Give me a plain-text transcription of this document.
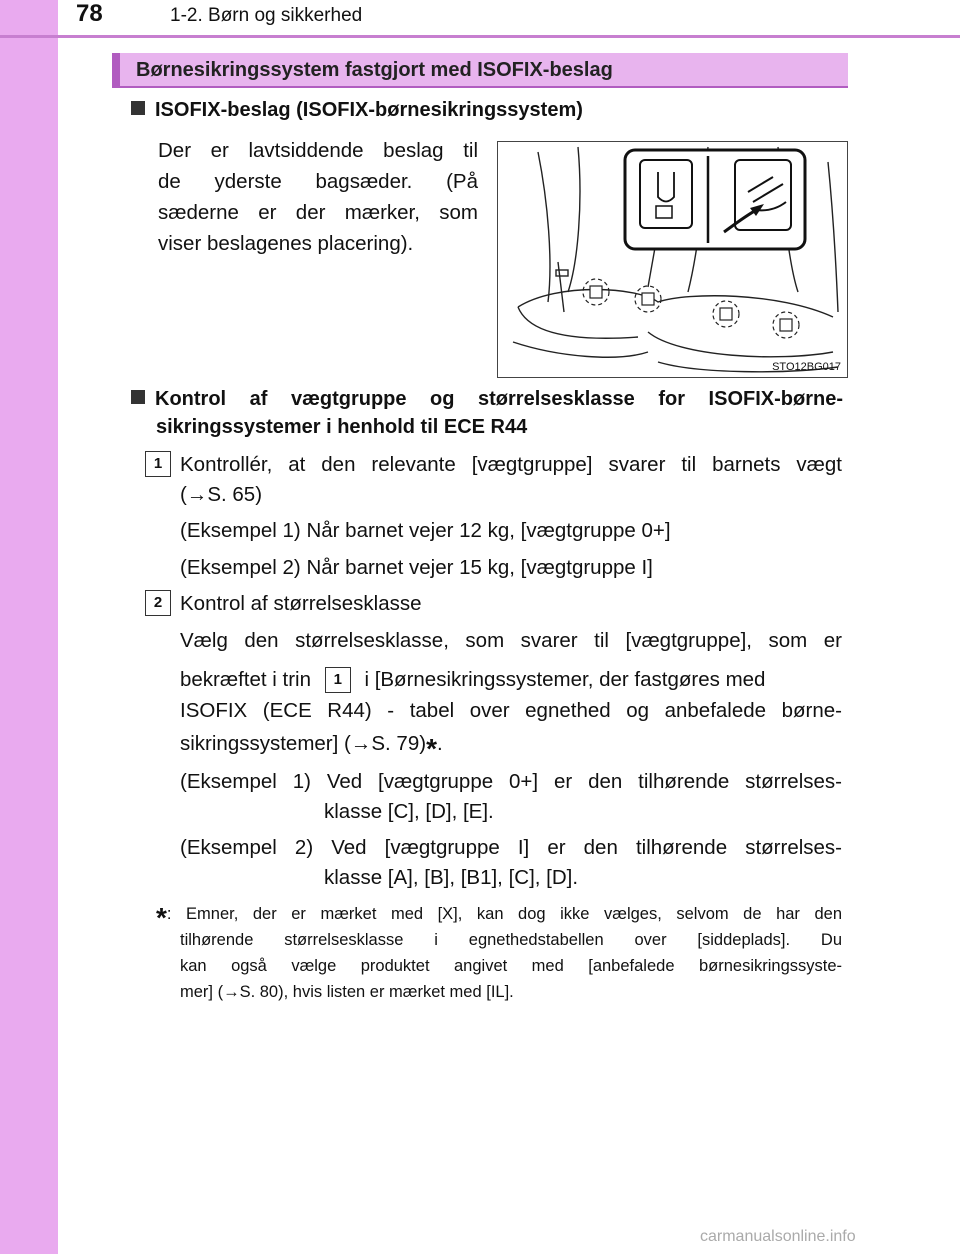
78	1-2. Børn og sikkerhed
Børnesikringssystem fastgjort med ISOFIX-beslag
ISOFIX-beslag (ISOFIX-børnesikringssystem)
Der er lavtsiddende beslag til
de yderste bagsæder. (På
sæderne er der mærker, som
viser beslagenes placering).
STO12BG017
Kontrol af vægtgruppe og størrelsesklasse for ISOFIX-børne-
sikringssystemer i henhold til ECE R44
1 Kontrollér, at den relevante [vægtgruppe] svarer til barnets vægt
(→S. 65)
(Eksempel 1) Når barnet vejer 12 kg, [vægtgruppe 0+]
(Eksempel 2) Når barnet vejer 15 kg, [vægtgruppe I]
2 Kontrol af størrelsesklasse
Vælg den størrelsesklasse, som svarer til [vægtgruppe], som er
bekræftet i trin 1 i [Børnesikringssystemer, der fastgøres med
ISOFIX (ECE R44) - tabel over egnethed og anbefalede børne-
sikringssystemer] (→S. 79)*.
(Eksempel 1) Ved [vægtgruppe 0+] er den tilhørende størrelses-
klasse [C], [D], [E].
(Eksempel 2) Ved [vægtgruppe I] er den tilhørende størrelses-
klasse [A], [B], [B1], [C], [D].
*: Emner, der er mærket med [X], kan dog ikke vælges, selvom de har den
tilhørende størrelsesklasse i egnethedstabellen over [siddeplads]. Du
kan også vælge produktet angivet med [anbefalede børnesikringssyste-
mer] (→S. 80), hvis listen er mærket med [IL].
carmanualsonline.info
